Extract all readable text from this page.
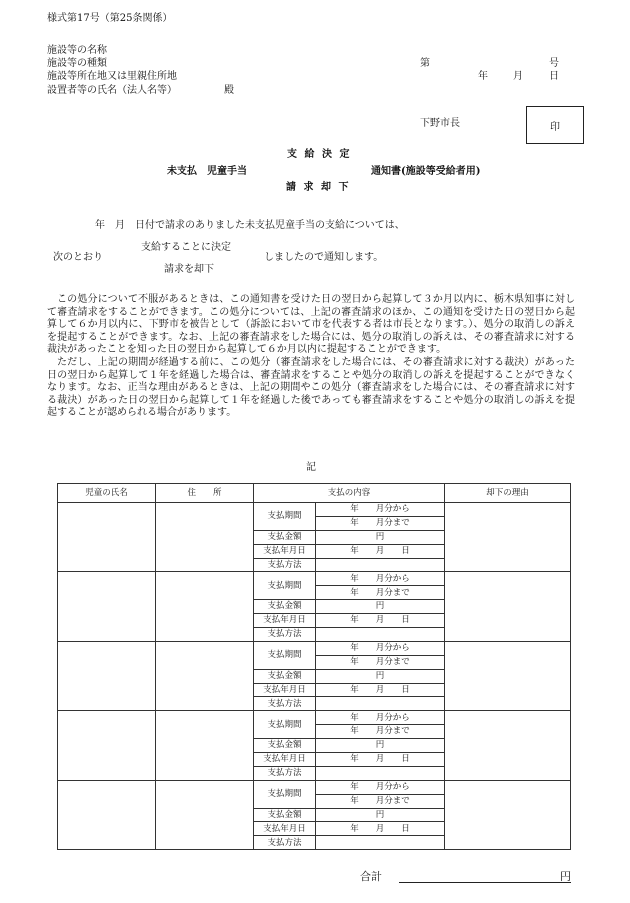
様式第17号（第25条関係）
施設等の名称
施設等の種類
施設等所在地又は里親住所地
設置者等の氏名（法人名等）	殿
第	号
年	月	日
下野市長	印
支 給 決 定
未支払　児童手当	通知書(施設等受給者用)
請 求 却 下
年　月　日付で請求のありました未支払児童手当の支給については、
支給することに決定
次のとおり	しましたので通知します。
請求を却下

この処分について不服があるときは、この通知書を受けた日の翌日から起算して３か月以内に、栃木県知事に対して審査請求をすることができます。この処分については、上記の審査請求のほか、この通知を受けた日の翌日から起算して６か月以内に、下野市を被告として（訴訟において市を代表する者は市長となります。）、処分の取消しの訴えを提起することができます。なお、上記の審査請求をした場合には、処分の取消しの訴えは、その審査請求に対する裁決があったことを知った日の翌日から起算して６か月以内に提起することができます。

ただし、上記の期間が経過する前に、この処分（審査請求をした場合には、その審査請求に対する裁決）があった日の翌日から起算して１年を経過した場合は、審査請求をすることや処分の取消しの訴えを提起することができなくなります。なお、正当な理由があるときは、上記の期間やこの処分（審査請求をした場合には、その審査請求に対する裁決）があった日の翌日から起算して１年を経過した後であっても審査請求をすることや処分の取消しの訴えを提起することが認められる場合があります。

記
児童の氏名	住　　所	支払の内容		却下の理由
		支払期間	年　　月分から	
			年　　月分まで	
		支払金額	円	
		支払年月日	年　　月　　日	
		支払方法		
		支払期間	年　　月分から	
			年　　月分まで	
		支払金額	円	
		支払年月日	年　　月　　日	
		支払方法		
		支払期間	年　　月分から	
			年　　月分まで	
		支払金額	円	
		支払年月日	年　　月　　日	
		支払方法		
		支払期間	年　　月分から	
			年　　月分まで	
		支払金額	円	
		支払年月日	年　　月　　日	
		支払方法		
		支払期間	年　　月分から	
			年　　月分まで	
		支払金額	円	
		支払年月日	年　　月　　日	
		支払方法		
合計	円
